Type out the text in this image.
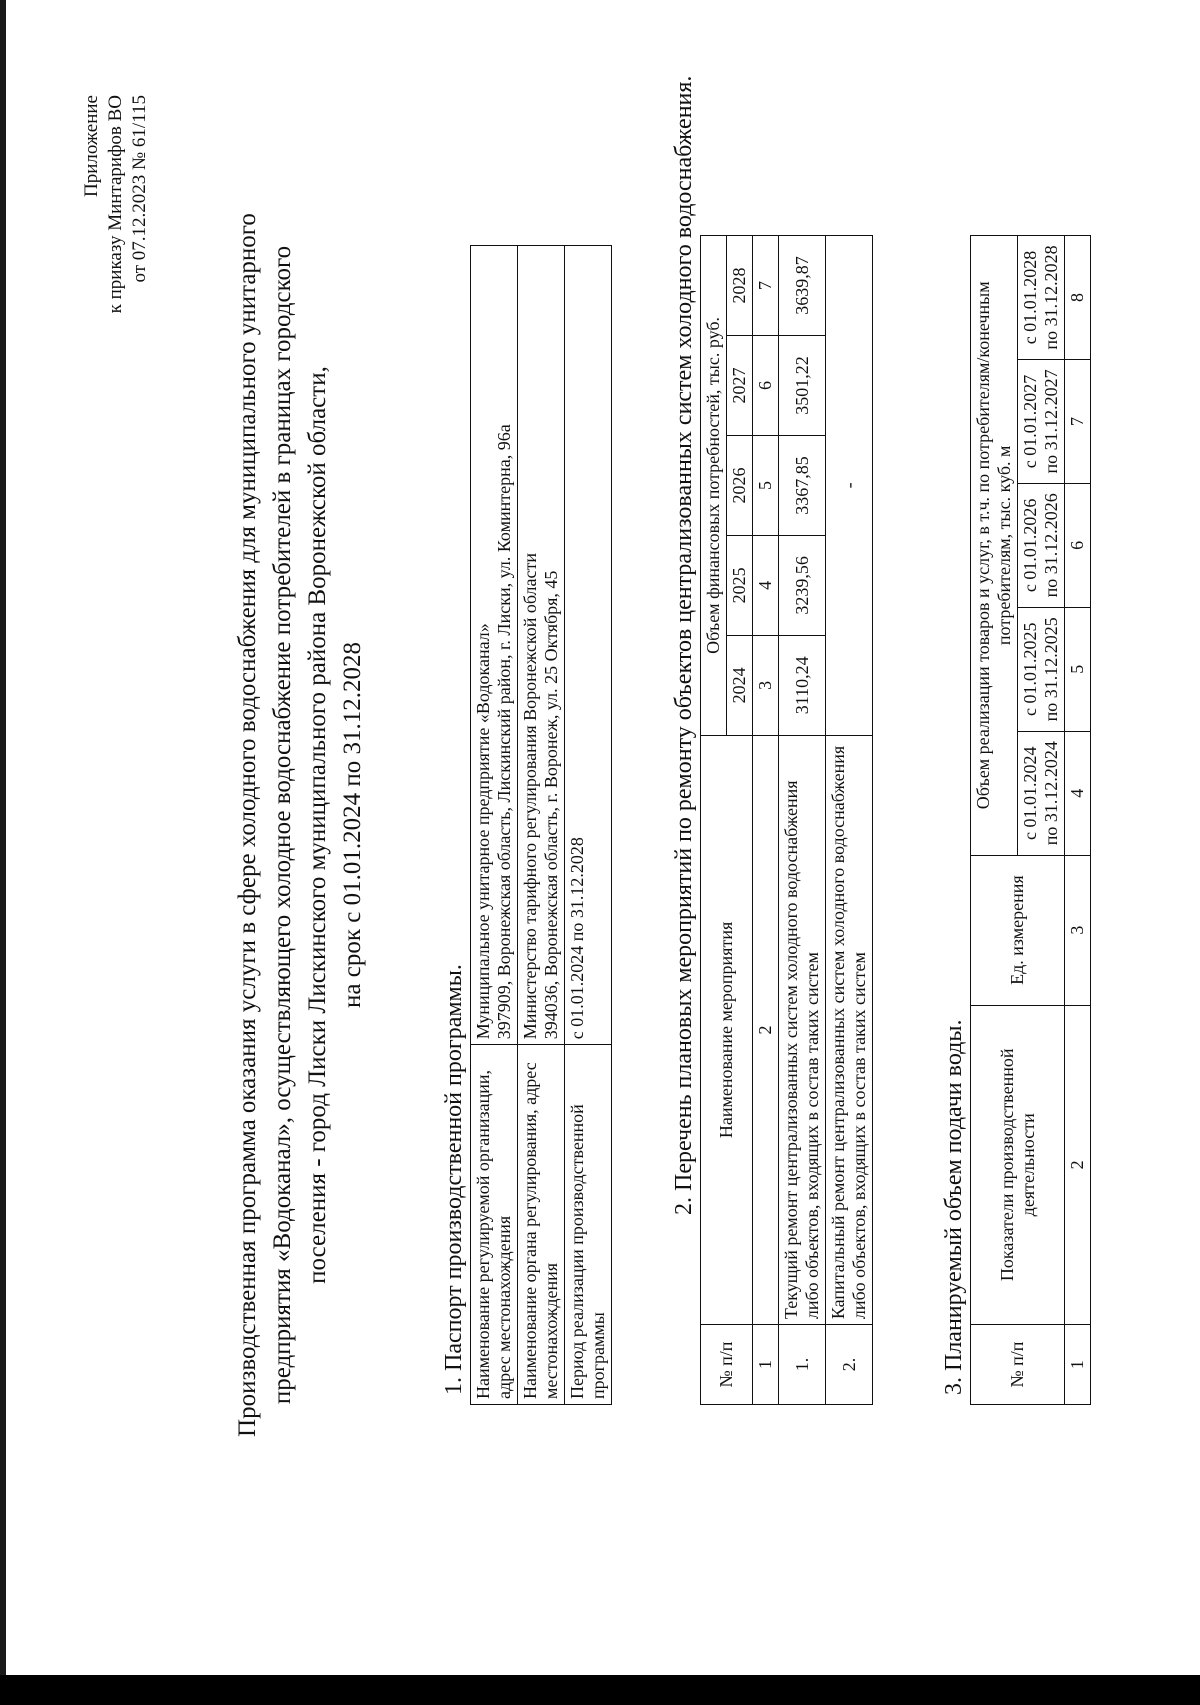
Приложение к приказу Минтарифов ВО от 07.12.2023 № 61/115
Производственная программа оказания услуги в сфере холодного водоснабжения для муниципального унитарного предприятия «Водоканал», осуществляющего холодное водоснабжение потребителей в границах городского поселения - город Лиски Лискинского муниципального района Воронежской области, на срок с 01.01.2024 по 31.12.2028
1. Паспорт производственной программы. Наименование регулируемой организации, адрес местонахождения	Муниципальное унитарное предприятие «Водоканал» 397909, Воронежская область, Лискинский район, г. Лиски, ул. Коминтерна, 96а

Наименование органа регулирования, адрес местонахождения	Министерство тарифного регулирования Воронежской области 394036, Воронежская область, г. Воронеж, ул. 25 Октября, 45

Период реализации производственной программы	с 01.01.2024 по 31.12.2028	2. Перечень плановых мероприятий по ремонту объектов централизованных систем холодного водоснабжения.
№ п/п	Наименование мероприятия	Объем финансовых потребностей, тыс. руб.				
		2024	2025	2026	2027	2028
1	2	3	4	5	6	7
1.	Текущий ремонт централизованных систем холодного водоснабжения либо объектов, входящих в состав таких систем	3110,24	3239,56	3367,85	3501,22	3639,87
2.	Капитальный ремонт централизованных систем холодного водоснабжения либо объектов, входящих в состав таких систем	-				
3. Планируемый объем подачи воды. № п/п	Показатели производственной деятельности	Ед. измерения	Объем реализации товаров и услуг, в т.ч. по потребителям/конечным потребителям, тыс. куб. м				
			с 01.01.2024 по 31.12.2024	с 01.01.2025 по 31.12.2025	с 01.01.2026 по 31.12.2026	с 01.01.2027 по 31.12.2027	с 01.01.2028 по 31.12.2028
1	2	3	4	5	6	7	8
